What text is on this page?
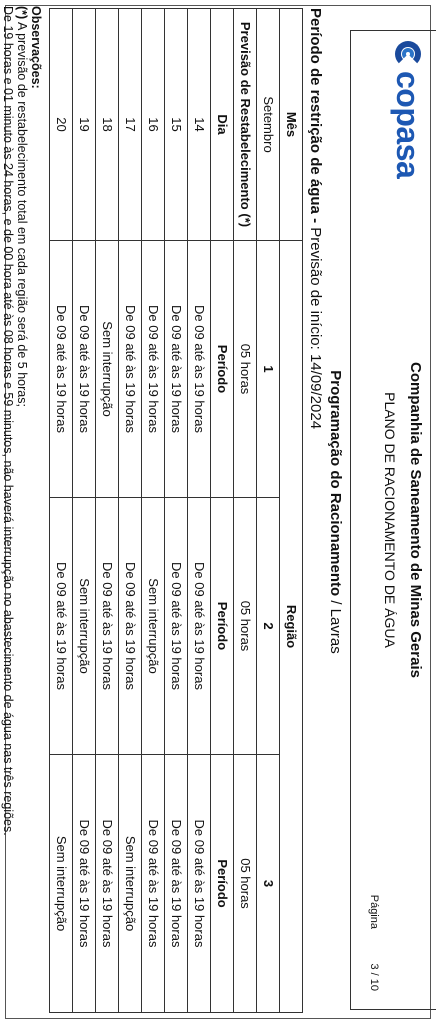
copasa
Companhia de Saneamento de Minas Gerais
PLANO DE RACIONAMENTO DE ÁGUA
Página
3 / 10
Programação do Racionamento / Lavras
Período de restrição de água - Previsão de início: 14/09/2024
Mês	Região		
Setembro	1	2	3
Previsão de Restabelecimento (*)	05 horas	05 horas	05 horas
Dia	Período	Período	Período
14	De 09 até às 19 horas	De 09 até às 19 horas	De 09 até às 19 horas
15	De 09 até às 19 horas	De 09 até às 19 horas	De 09 até às 19 horas
16	De 09 até às 19 horas	Sem interrupção	De 09 até às 19 horas
17	De 09 até às 19 horas	De 09 até às 19 horas	Sem interrupção
18	Sem interrupção	De 09 até às 19 horas	De 09 até às 19 horas
19	De 09 até às 19 horas	Sem interrupção	De 09 até às 19 horas
20	De 09 até às 19 horas	De 09 até às 19 horas	Sem interrupção
Observações:
(*) A previsão de restabelecimento total em cada região será de 5 horas;
De 19 horas e 01 minuto às 24 horas, e de 00 hora até às 08 horas e 59 minutos, não haverá interrupção no abastecimento de água nas três regiões.
